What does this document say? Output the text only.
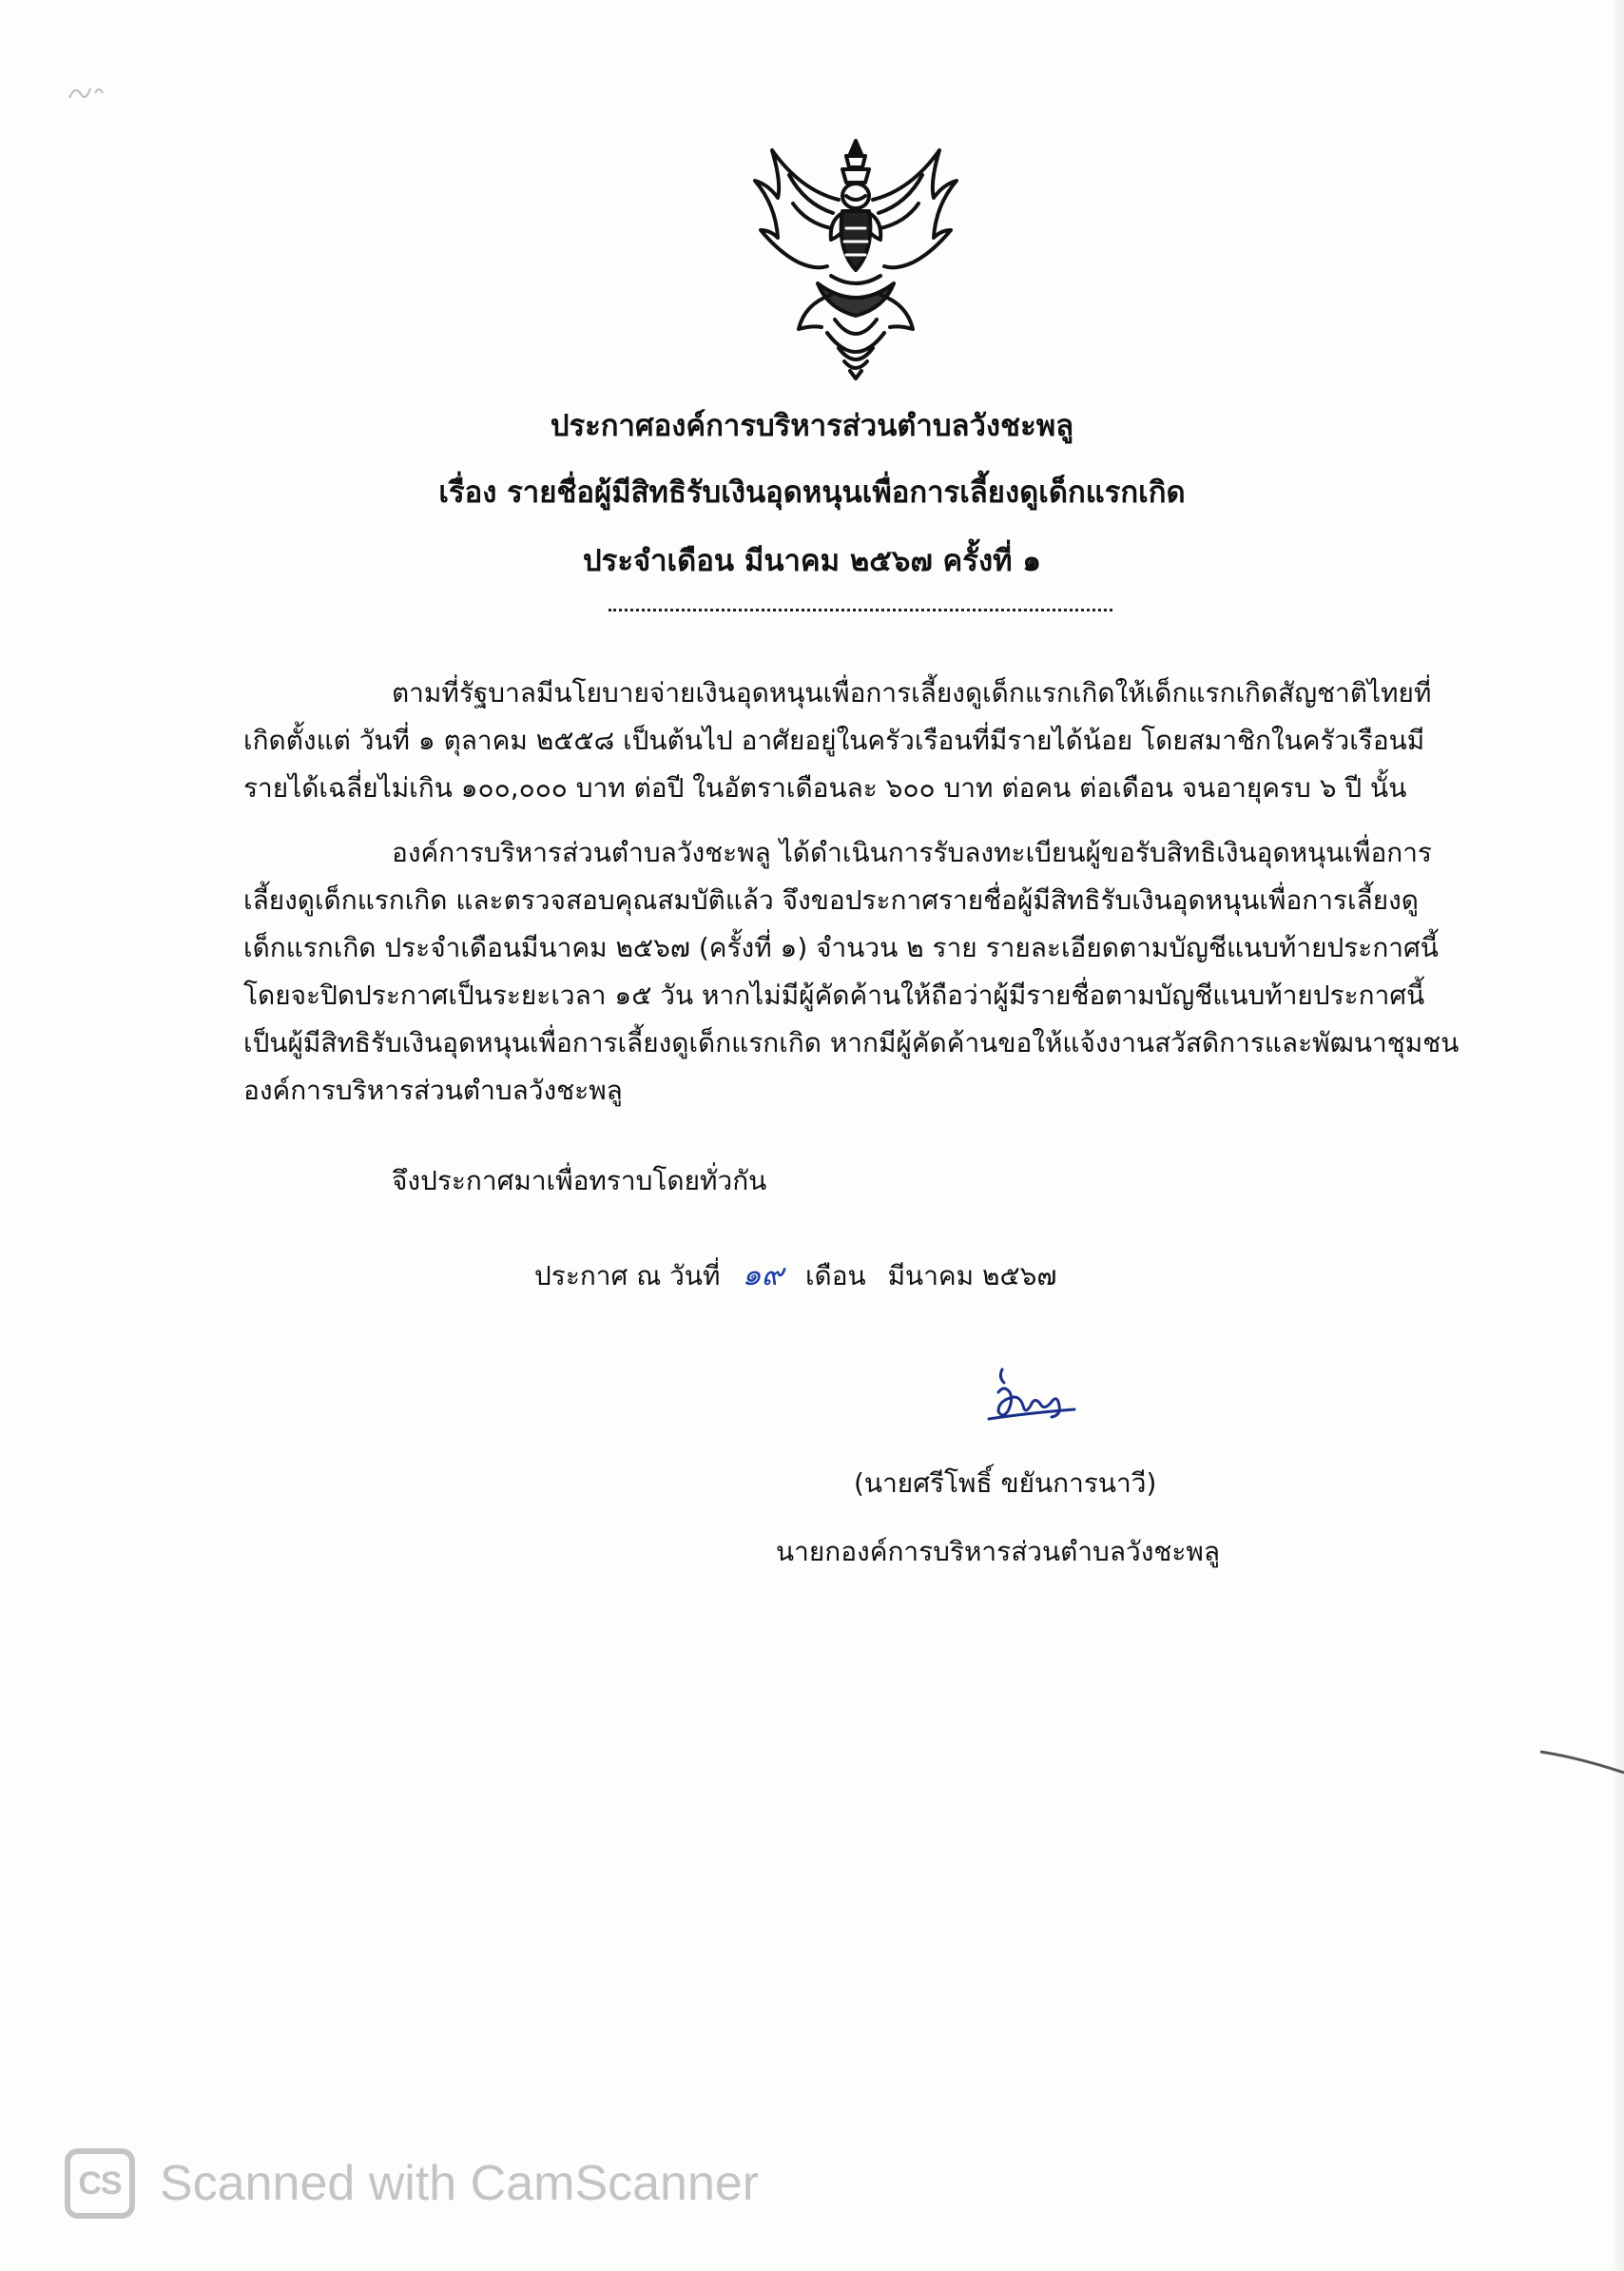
ประกาศองค์การบริหารส่วนตำบลวังชะพลู
เรื่อง รายชื่อผู้มีสิทธิรับเงินอุดหนุนเพื่อการเลี้ยงดูเด็กแรกเกิด
ประจำเดือน มีนาคม ๒๕๖๗ ครั้งที่ ๑
ตามที่รัฐบาลมีนโยบายจ่ายเงินอุดหนุนเพื่อการเลี้ยงดูเด็กแรกเกิดให้เด็กแรกเกิดสัญชาติไทยที่
เกิดตั้งแต่ วันที่ ๑ ตุลาคม ๒๕๕๘ เป็นต้นไป อาศัยอยู่ในครัวเรือนที่มีรายได้น้อย โดยสมาชิกในครัวเรือนมี
รายได้เฉลี่ยไม่เกิน ๑๐๐,๐๐๐ บาท ต่อปี ในอัตราเดือนละ ๖๐๐ บาท ต่อคน ต่อเดือน จนอายุครบ ๖ ปี นั้น
องค์การบริหารส่วนตำบลวังชะพลู ได้ดำเนินการรับลงทะเบียนผู้ขอรับสิทธิเงินอุดหนุนเพื่อการ
เลี้ยงดูเด็กแรกเกิด และตรวจสอบคุณสมบัติแล้ว จึงขอประกาศรายชื่อผู้มีสิทธิรับเงินอุดหนุนเพื่อการเลี้ยงดู
เด็กแรกเกิด ประจำเดือนมีนาคม ๒๕๖๗ (ครั้งที่ ๑) จำนวน ๒ ราย รายละเอียดตามบัญชีแนบท้ายประกาศนี้
โดยจะปิดประกาศเป็นระยะเวลา ๑๕ วัน หากไม่มีผู้คัดค้านให้ถือว่าผู้มีรายชื่อตามบัญชีแนบท้ายประกาศนี้
เป็นผู้มีสิทธิรับเงินอุดหนุนเพื่อการเลี้ยงดูเด็กแรกเกิด หากมีผู้คัดค้านขอให้แจ้งงานสวัสดิการและพัฒนาชุมชน
องค์การบริหารส่วนตำบลวังชะพลู
จึงประกาศมาเพื่อทราบโดยทั่วกัน
ประกาศ ณ วันที่ ๑๙ เดือน มีนาคม ๒๕๖๗
(นายศรีโพธิ์ ขยันการนาวี)
นายกองค์การบริหารส่วนตำบลวังชะพลู
CS Scanned with CamScanner
